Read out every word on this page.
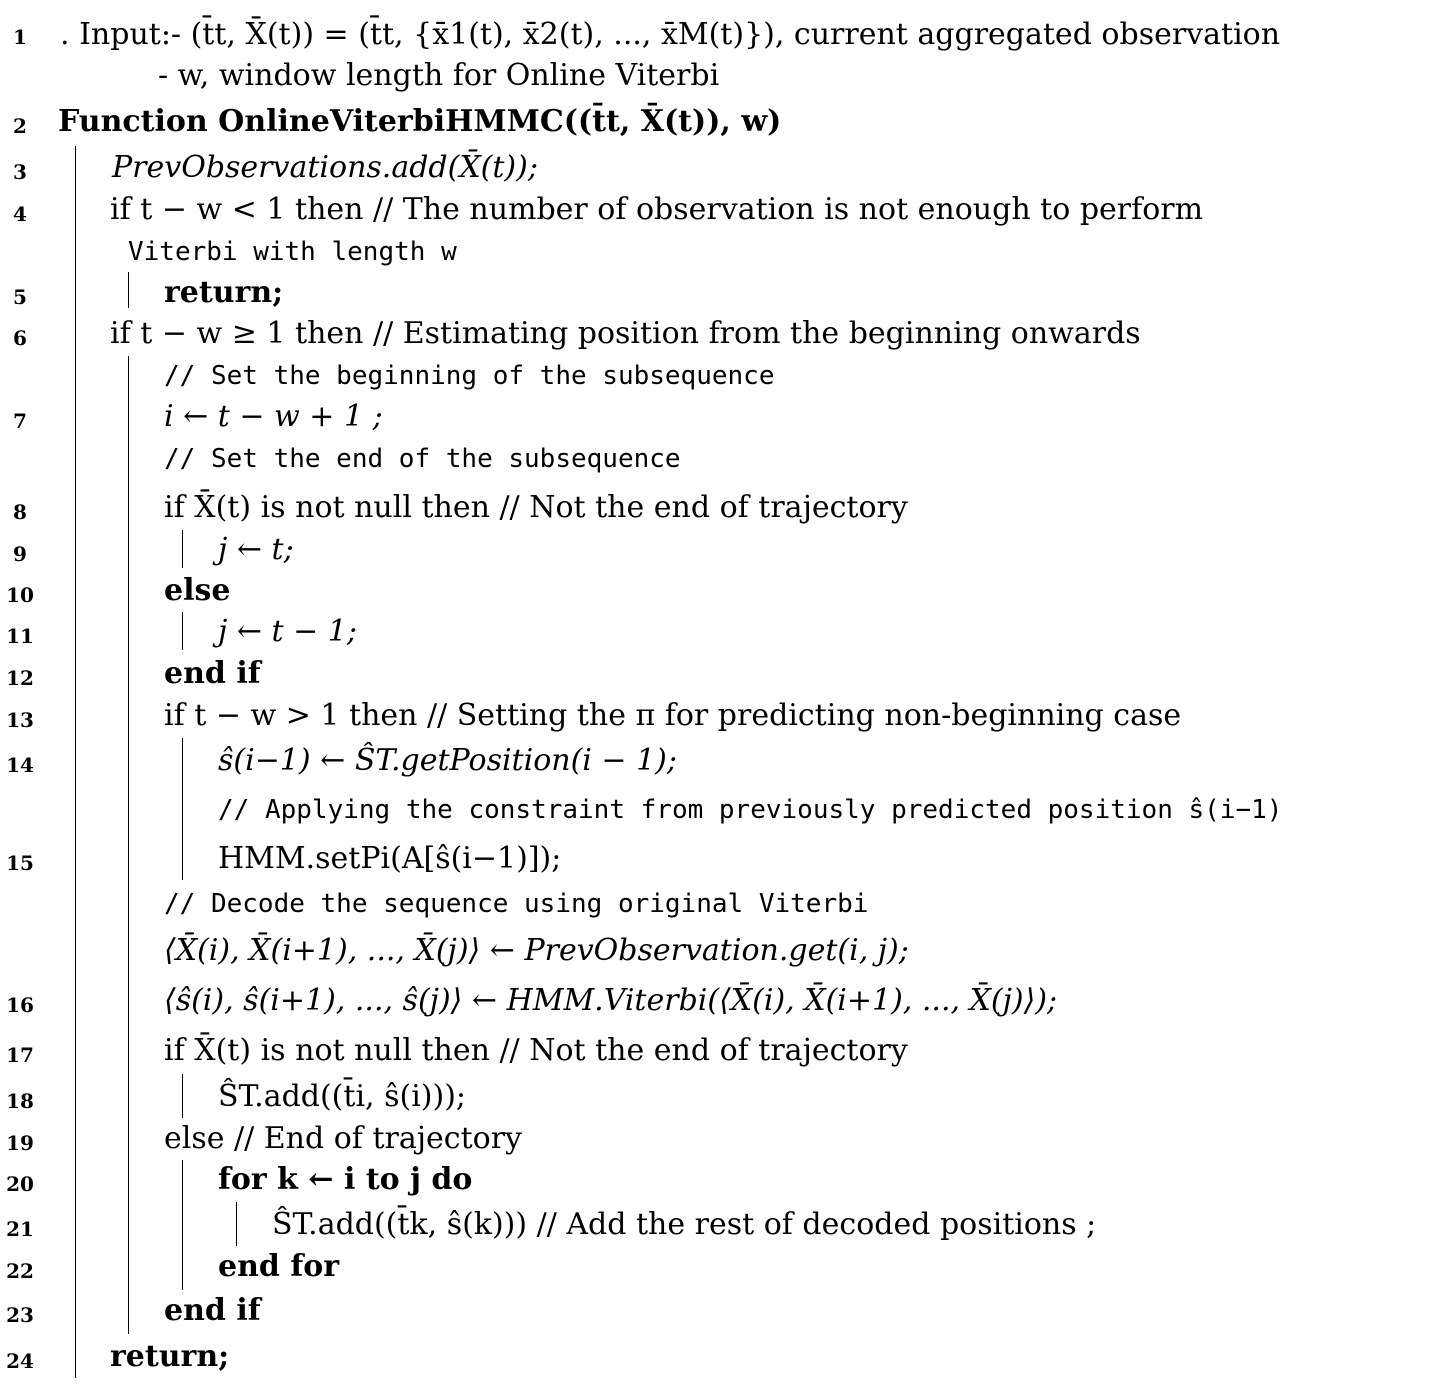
1	. Input:- (t̄t, X̄(t)) = (t̄t, {x̄1(t), x̄2(t), ..., x̄M(t)}), current aggregated observation
- w, window length for Online Viterbi
2	Function OnlineViterbiHMMC((t̄t, X̄(t)), w)
3	PrevObservations.add(X̄(t));
4	if t − w < 1 then // The number of observation is not enough to perform
Viterbi with length w
5	return;
6	if t − w ≥ 1 then // Estimating position from the beginning onwards
// Set the beginning of the subsequence
7	i ← t − w + 1 ;
// Set the end of the subsequence
8	if X̄(t) is not null then // Not the end of trajectory
9	j ← t;
10	else
11	j ← t − 1;
12	end if
13	if t − w > 1 then // Setting the π for predicting non-beginning case
14	ŝ(i−1) ← ŜT.getPosition(i − 1);
// Applying the constraint from previously predicted position ŝ(i−1)
15	HMM.setPi(A[ŝ(i−1)]);
// Decode the sequence using original Viterbi
⟨X̄(i), X̄(i+1), ..., X̄(j)⟩ ← PrevObservation.get(i, j);
16	⟨ŝ(i), ŝ(i+1), ..., ŝ(j)⟩ ← HMM.Viterbi(⟨X̄(i), X̄(i+1), ..., X̄(j)⟩);
17	if X̄(t) is not null then // Not the end of trajectory
18	ŜT.add((t̄i, ŝ(i)));
19	else // End of trajectory
20	for k ← i to j do
21	ŜT.add((t̄k, ŝ(k))) // Add the rest of decoded positions ;
22	end for
23	end if
24	return;
